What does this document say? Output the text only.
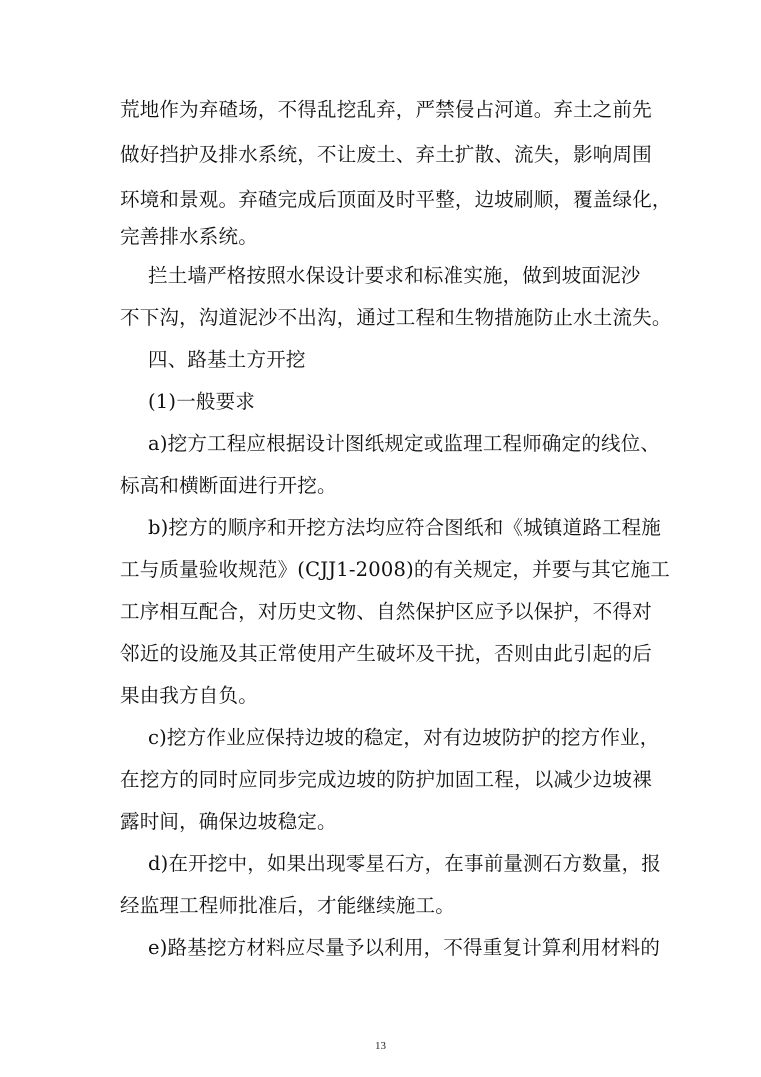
荒地作为弃碴场，不得乱挖乱弃，严禁侵占河道。弃土之前先
做好挡护及排水系统，不让废土、弃土扩散、流失，影响周围
环境和景观。弃碴完成后顶面及时平整，边坡刷顺，覆盖绿化，
完善排水系统。
拦土墙严格按照水保设计要求和标准实施，做到坡面泥沙
不下沟，沟道泥沙不出沟，通过工程和生物措施防止水土流失。
四、路基土方开挖
(1)一般要求
a)挖方工程应根据设计图纸规定或监理工程师确定的线位、
标高和横断面进行开挖。
b)挖方的顺序和开挖方法均应符合图纸和《城镇道路工程施
工与质量验收规范》(CJJ1-2008)的有关规定，并要与其它施工
工序相互配合，对历史文物、自然保护区应予以保护，不得对
邻近的设施及其正常使用产生破坏及干扰，否则由此引起的后
果由我方自负。
c)挖方作业应保持边坡的稳定，对有边坡防护的挖方作业，
在挖方的同时应同步完成边坡的防护加固工程，以减少边坡裸
露时间，确保边坡稳定。
d)在开挖中，如果出现零星石方，在事前量测石方数量，报
经监理工程师批准后，才能继续施工。
e)路基挖方材料应尽量予以利用，不得重复计算利用材料的
13
